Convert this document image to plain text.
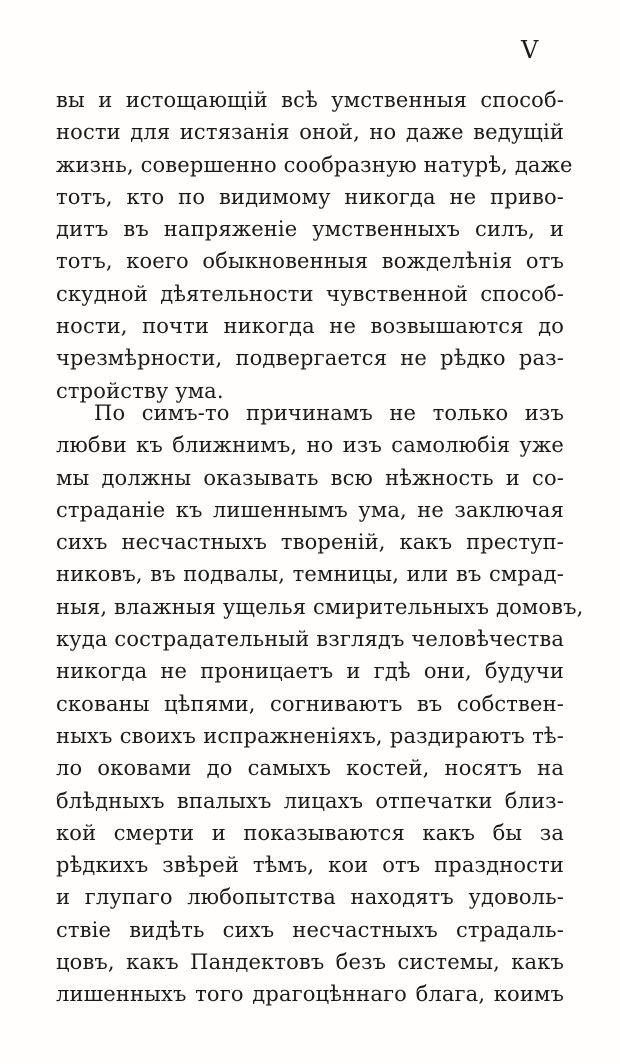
V
вы и истощающій всѣ умственныя способ-
ности для истязанія оной, но даже ведущій
жизнь, совершенно сообразную натурѣ, даже
тотъ, кто по видимому никогда не приво-
дитъ въ напряженіе умственныхъ силъ, и
тотъ, коего обыкновенныя вожделѣнія отъ
скудной дѣятельности чувственной способ-
ности, почти никогда не возвышаются до
чрезмѣрности, подвергается не рѣдко раз-
стройству ума.
По симъ-то причинамъ не только изъ
любви къ ближнимъ, но изъ самолюбія уже
мы должны оказывать всю нѣжность и со-
страданіе къ лишеннымъ ума, не заключая
сихъ несчастныхъ твореній, какъ преступ-
никовъ, въ подвалы, темницы, или въ смрад-
ныя, влажныя ущелья смирительныхъ домовъ,
куда сострадательный взглядъ человѣчества
никогда не проницаетъ и гдѣ они, будучи
скованы цѣпями, согниваютъ въ собствен-
ныхъ своихъ испражненіяхъ, раздираютъ тѣ-
ло оковами до самыхъ костей, носятъ на
блѣдныхъ впалыхъ лицахъ отпечатки близ-
кой смерти и показываются какъ бы за
рѣдкихъ звѣрей тѣмъ, кои отъ праздности
и глупаго любопытства находятъ удоволь-
ствіе видѣть сихъ несчастныхъ страдаль-
цовъ, какъ Пандектовъ безъ системы, какъ
лишенныхъ того драгоцѣннаго блага, коимъ
